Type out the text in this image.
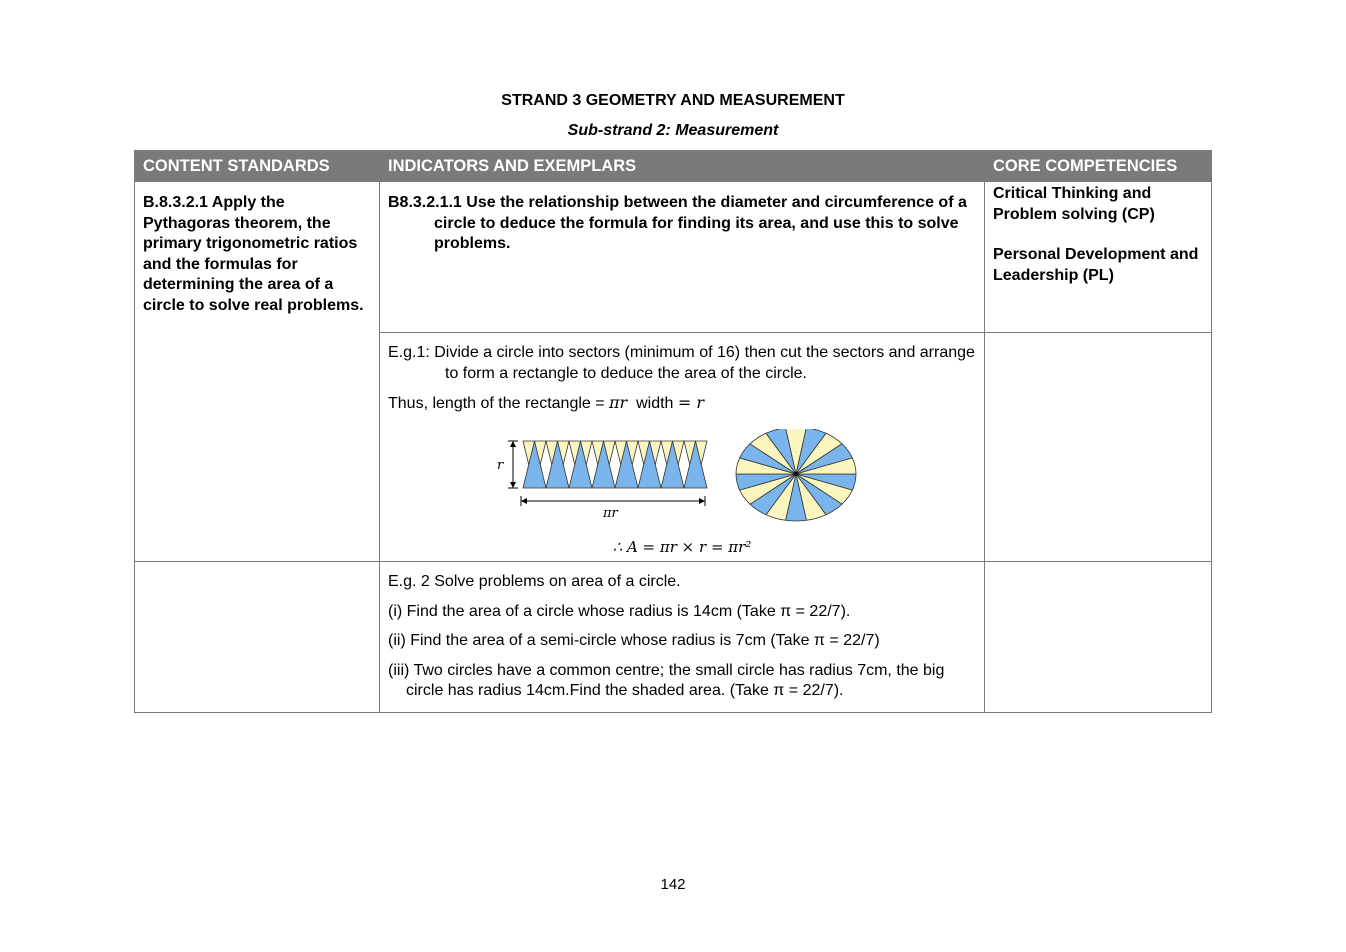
STRAND 3 GEOMETRY AND MEASUREMENT
Sub-strand 2: Measurement
CONTENT STANDARDS	INDICATORS AND EXEMPLARS	CORE COMPETENCIES

B.8.3.2.1 Apply the Pythagoras theorem, the primary trigonometric ratios and the formulas for determining the area of a circle to solve real problems.	B8.3.2.1.1 Use the relationship between the diameter and circumference of a circle to deduce the formula for finding its area, and use this to solve problems.	Critical Thinking and Problem solving (CP)
Personal Development and Leadership (PL)

	E.g.1: Divide a circle into sectors (minimum of 16) then cut the sectors and arrange to form a rectangle to deduce the area of the circle.
Thus, length of the rectangle = πr width = r
r
πr
∴ A = πr × r = πr²	

	E.g. 2 Solve problems on area of a circle.
(i) Find the area of a circle whose radius is 14cm (Take π = 22/7).
(ii) Find the area of a semi-circle whose radius is 7cm (Take π = 22/7)
(iii) Two circles have a common centre; the small circle has radius 7cm, the big circle has radius 14cm.Find the shaded area. (Take π = 22/7).	

142
